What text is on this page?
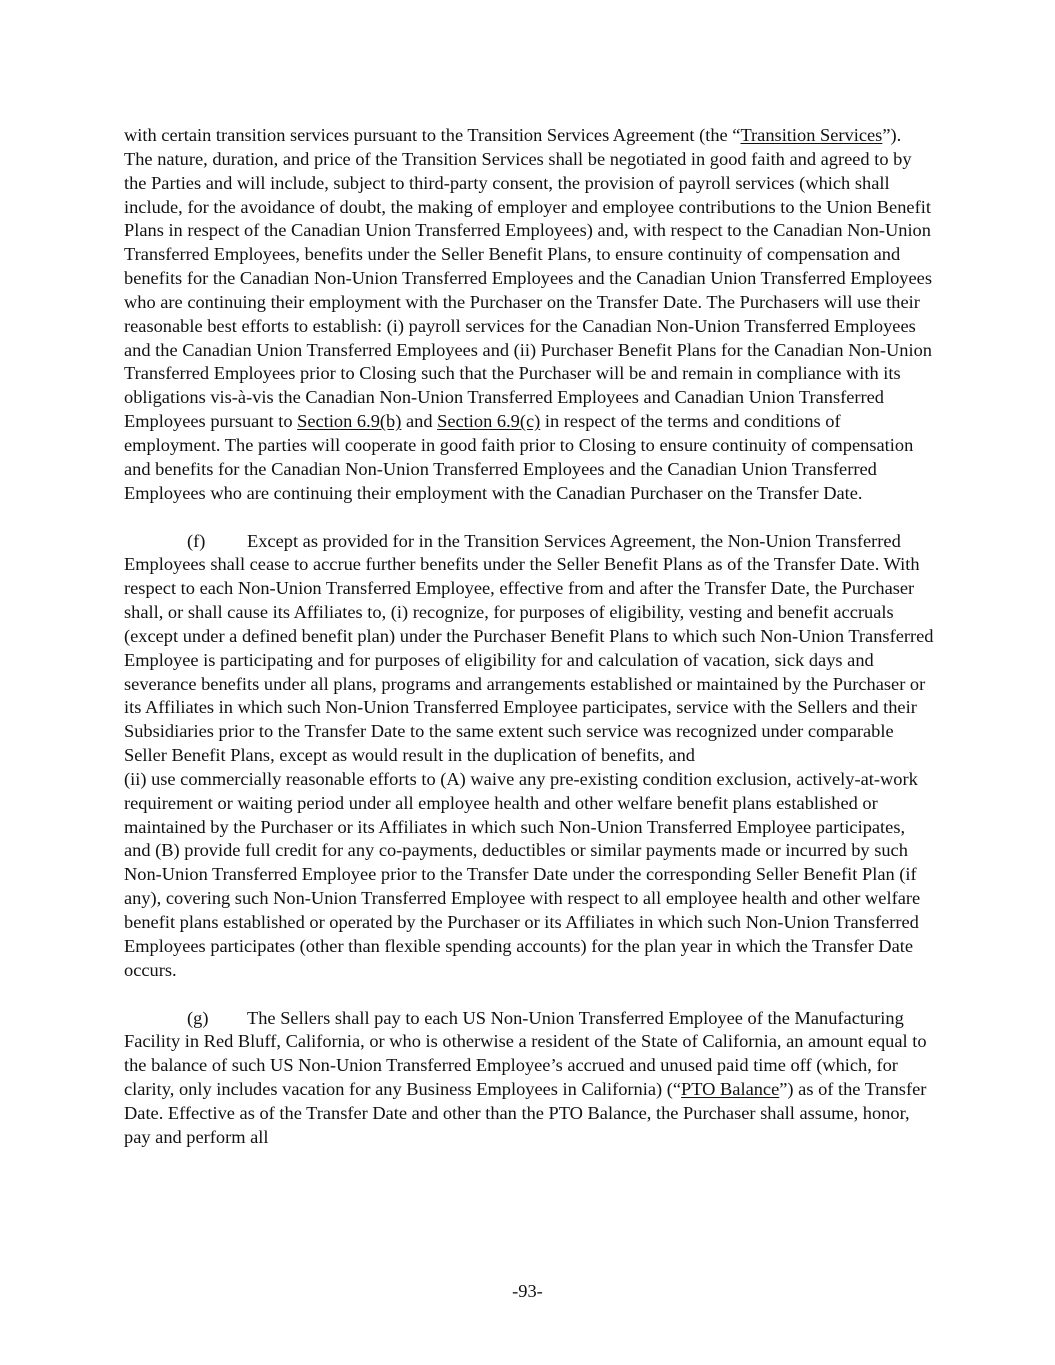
with certain transition services pursuant to the Transition Services Agreement (the “Transition Services”). The nature, duration, and price of the Transition Services shall be negotiated in good faith and agreed to by the Parties and will include, subject to third-party consent, the provision of payroll services (which shall include, for the avoidance of doubt, the making of employer and employee contributions to the Union Benefit Plans in respect of the Canadian Union Transferred Employees) and, with respect to the Canadian Non-Union Transferred Employees, benefits under the Seller Benefit Plans, to ensure continuity of compensation and benefits for the Canadian Non-Union Transferred Employees and the Canadian Union Transferred Employees who are continuing their employment with the Purchaser on the Transfer Date. The Purchasers will use their reasonable best efforts to establish: (i) payroll services for the Canadian Non-Union Transferred Employees and the Canadian Union Transferred Employees and (ii) Purchaser Benefit Plans for the Canadian Non-Union Transferred Employees prior to Closing such that the Purchaser will be and remain in compliance with its obligations vis-à-vis the Canadian Non-Union Transferred Employees and Canadian Union Transferred Employees pursuant to Section 6.9(b) and Section 6.9(c) in respect of the terms and conditions of employment. The parties will cooperate in good faith prior to Closing to ensure continuity of compensation and benefits for the Canadian Non-Union Transferred Employees and the Canadian Union Transferred Employees who are continuing their employment with the Canadian Purchaser on the Transfer Date.

(f) Except as provided for in the Transition Services Agreement, the Non-Union Transferred Employees shall cease to accrue further benefits under the Seller Benefit Plans as of the Transfer Date. With respect to each Non-Union Transferred Employee, effective from and after the Transfer Date, the Purchaser shall, or shall cause its Affiliates to, (i) recognize, for purposes of eligibility, vesting and benefit accruals (except under a defined benefit plan) under the Purchaser Benefit Plans to which such Non-Union Transferred Employee is participating and for purposes of eligibility for and calculation of vacation, sick days and severance benefits under all plans, programs and arrangements established or maintained by the Purchaser or its Affiliates in which such Non-Union Transferred Employee participates, service with the Sellers and their Subsidiaries prior to the Transfer Date to the same extent such service was recognized under comparable Seller Benefit Plans, except as would result in the duplication of benefits, and
(ii) use commercially reasonable efforts to (A) waive any pre-existing condition exclusion, actively-at-work requirement or waiting period under all employee health and other welfare benefit plans established or maintained by the Purchaser or its Affiliates in which such Non-Union Transferred Employee participates, and (B) provide full credit for any co-payments, deductibles or similar payments made or incurred by such Non-Union Transferred Employee prior to the Transfer Date under the corresponding Seller Benefit Plan (if any), covering such Non-Union Transferred Employee with respect to all employee health and other welfare benefit plans established or operated by the Purchaser or its Affiliates in which such Non-Union Transferred Employees participates (other than flexible spending accounts) for the plan year in which the Transfer Date occurs.

(g) The Sellers shall pay to each US Non-Union Transferred Employee of the Manufacturing Facility in Red Bluff, California, or who is otherwise a resident of the State of California, an amount equal to the balance of such US Non-Union Transferred Employee’s accrued and unused paid time off (which, for clarity, only includes vacation for any Business Employees in California) (“PTO Balance”) as of the Transfer Date. Effective as of the Transfer Date and other than the PTO Balance, the Purchaser shall assume, honor, pay and perform all

-93-
